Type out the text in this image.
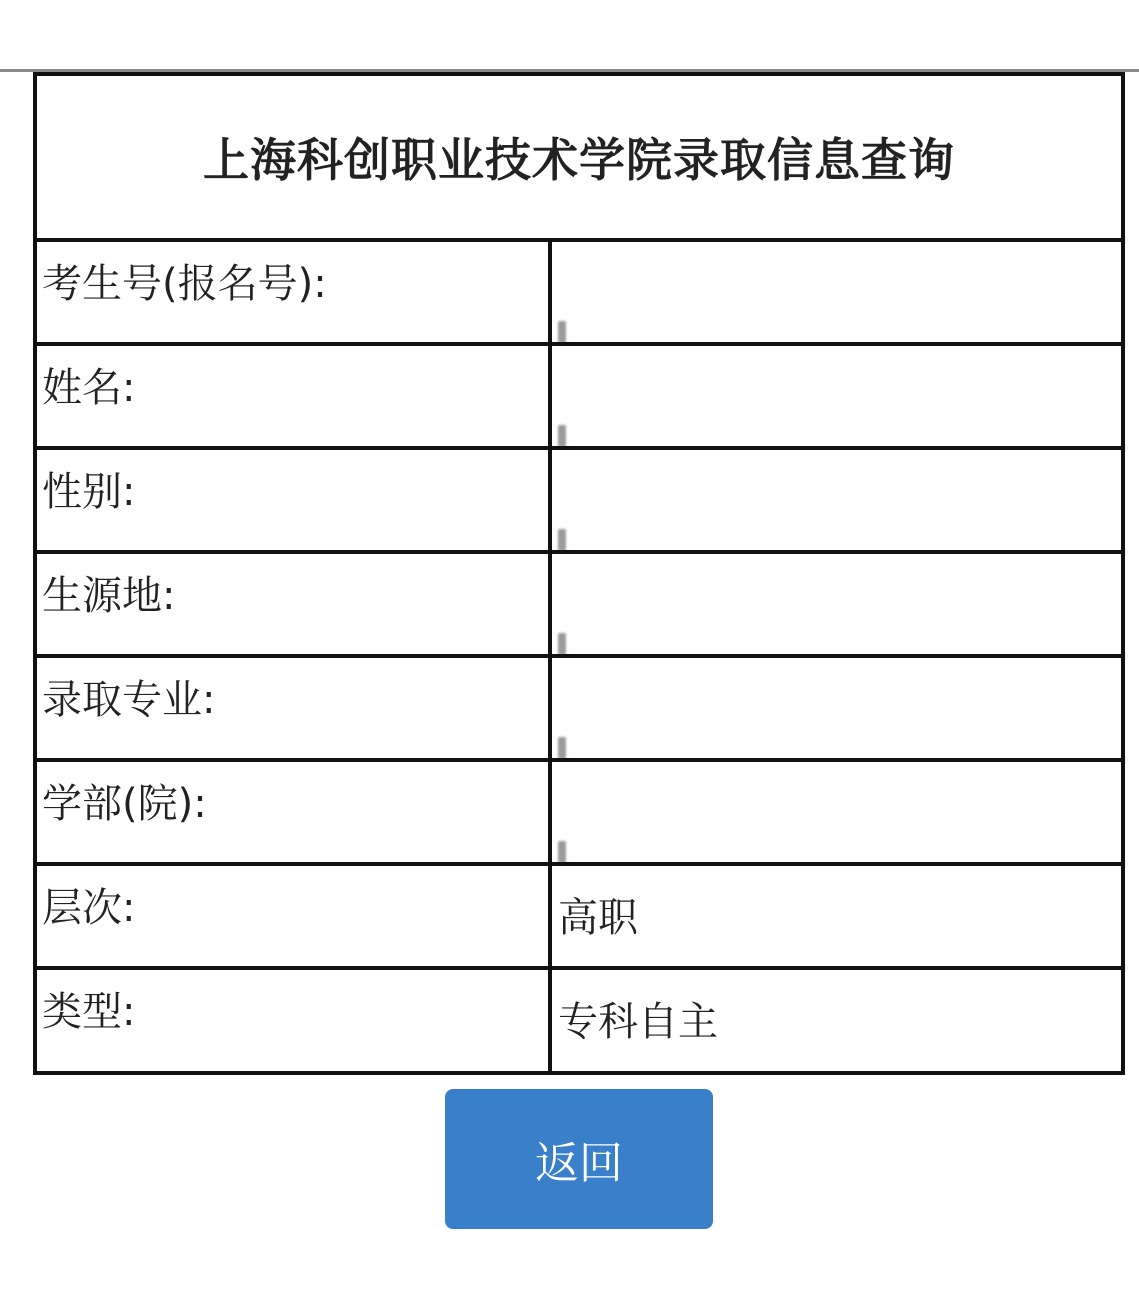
上海科创职业技术学院录取信息查询
考生号(报名号):
姓名:
性别:
生源地:
录取专业:
学部(院):
层次:	高职
类型:	专科自主
返回
